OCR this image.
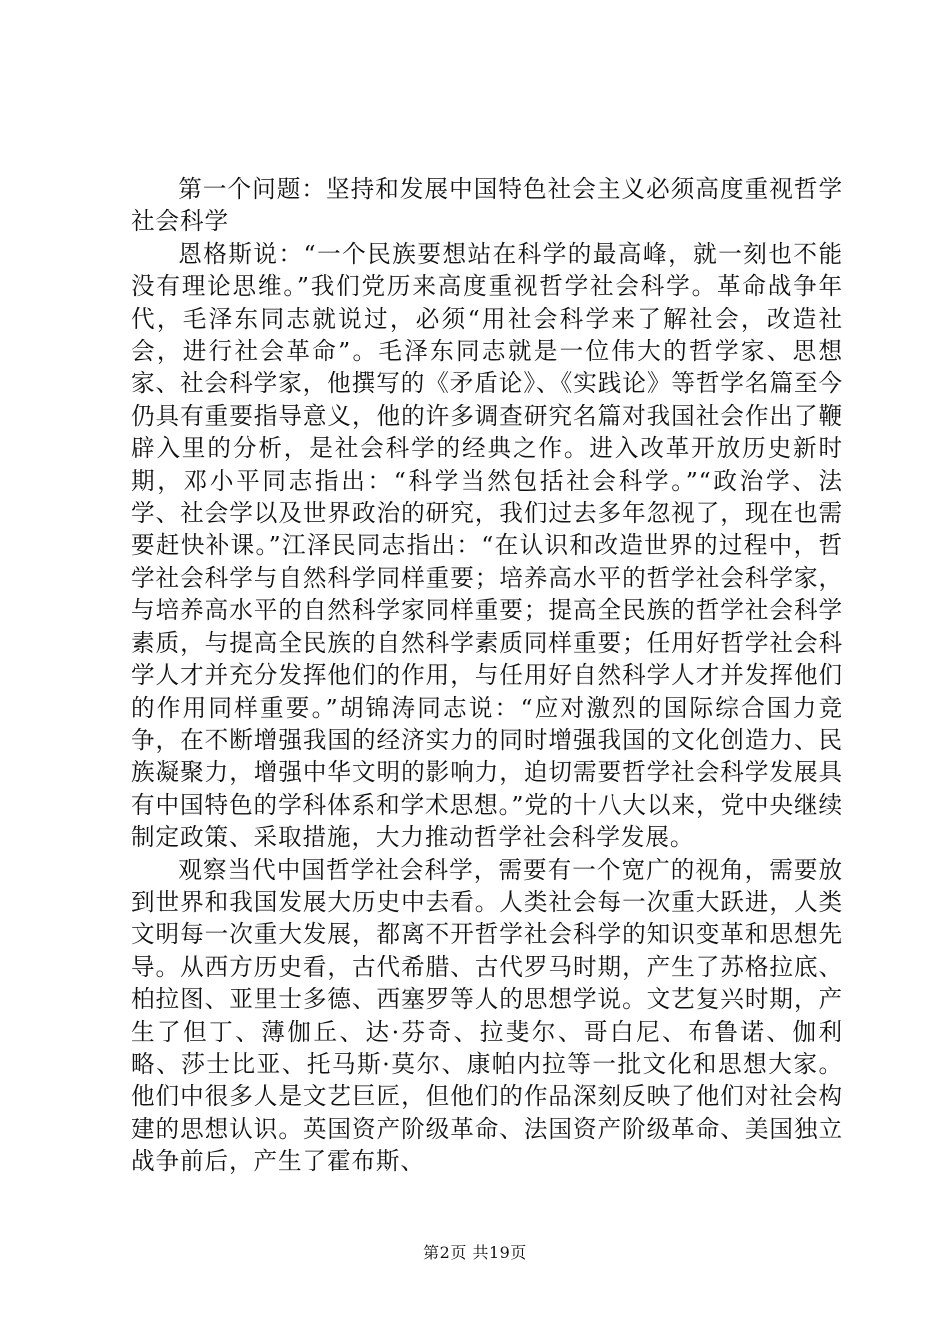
第一个问题：坚持和发展中国特色社会主义必须高度重视哲学社会科学

恩格斯说：“一个民族要想站在科学的最高峰，就一刻也不能没有理论思维。”我们党历来高度重视哲学社会科学。革命战争年代，毛泽东同志就说过，必须“用社会科学来了解社会，改造社会，进行社会革命”。毛泽东同志就是一位伟大的哲学家、思想家、社会科学家，他撰写的《矛盾论》、《实践论》等哲学名篇至今仍具有重要指导意义，他的许多调查研究名篇对我国社会作出了鞭辟入里的分析，是社会科学的经典之作。进入改革开放历史新时期，邓小平同志指出：“科学当然包括社会科学。”“政治学、法学、社会学以及世界政治的研究，我们过去多年忽视了，现在也需要赶快补课。”江泽民同志指出：“在认识和改造世界的过程中，哲学社会科学与自然科学同样重要；培养高水平的哲学社会科学家，与培养高水平的自然科学家同样重要；提高全民族的哲学社会科学素质，与提高全民族的自然科学素质同样重要；任用好哲学社会科学人才并充分发挥他们的作用，与任用好自然科学人才并发挥他们的作用同样重要。”胡锦涛同志说：“应对激烈的国际综合国力竞争，在不断增强我国的经济实力的同时增强我国的文化创造力、民族凝聚力，增强中华文明的影响力，迫切需要哲学社会科学发展具有中国特色的学科体系和学术思想。”党的十八大以来，党中央继续制定政策、采取措施，大力推动哲学社会科学发展。

观察当代中国哲学社会科学，需要有一个宽广的视角，需要放到世界和我国发展大历史中去看。人类社会每一次重大跃进，人类文明每一次重大发展，都离不开哲学社会科学的知识变革和思想先导。从西方历史看，古代希腊、古代罗马时期，产生了苏格拉底、柏拉图、亚里士多德、西塞罗等人的思想学说。文艺复兴时期，产生了但丁、薄伽丘、达·芬奇、拉斐尔、哥白尼、布鲁诺、伽利略、莎士比亚、托马斯·莫尔、康帕内拉等一批文化和思想大家。他们中很多人是文艺巨匠，但他们的作品深刻反映了他们对社会构建的思想认识。英国资产阶级革命、法国资产阶级革命、美国独立战争前后，产生了霍布斯、

第2页 共19页
